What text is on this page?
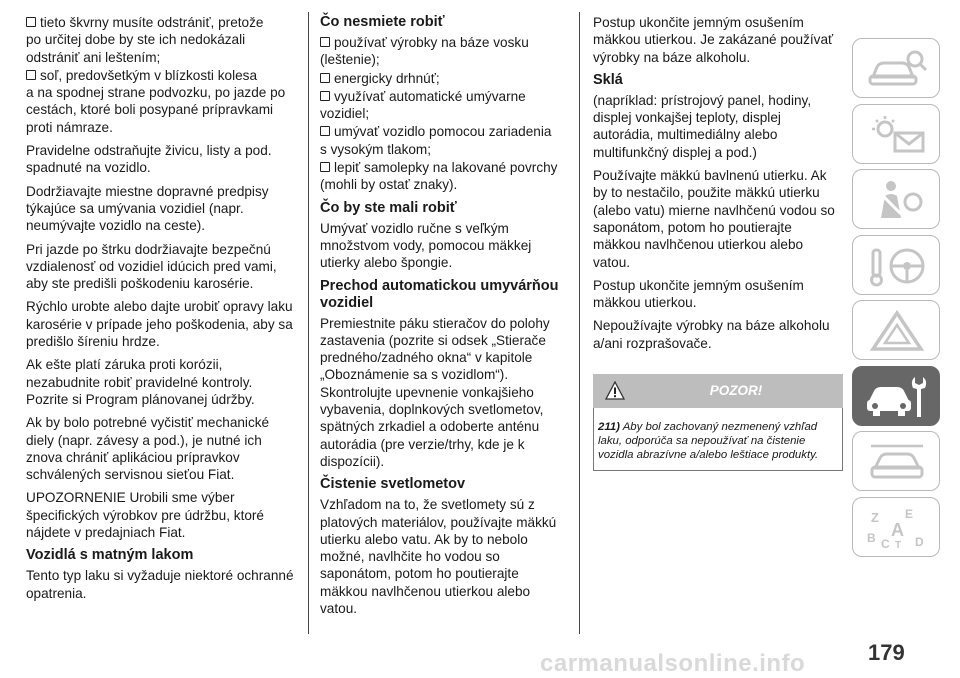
tieto škvrny musíte odstrániť, pretože

po určitej dobe by ste ich nedokázali odstrániť ani leštením;

soľ, predovšetkým v blízkosti kolesa

a na spodnej strane podvozku, po jazde po cestách, ktoré boli posypané prípravkami proti námraze.

Pravidelne odstraňujte živicu, listy a pod. spadnuté na vozidlo.

Dodržiavajte miestne dopravné predpisy týkajúce sa umývania vozidiel (napr. neumývajte vozidlo na ceste).

Pri jazde po štrku dodržiavajte bezpečnú vzdialenosť od vozidiel idúcich pred vami, aby ste predišli poškodeniu karosérie.

Rýchlo urobte alebo dajte urobiť opravy laku karosérie v prípade jeho poškodenia, aby sa predišlo šíreniu hrdze.

Ak ešte platí záruka proti korózii, nezabudnite robiť pravidelné kontroly. Pozrite si Program plánovanej údržby.

Ak by bolo potrebné vyčistiť mechanické diely (napr. závesy a pod.), je nutné ich znova chrániť aplikáciou prípravkov schválených servisnou sieťou Fiat.

UPOZORNENIE Urobili sme výber špecifických výrobkov pre údržbu, ktoré nájdete v predajniach Fiat.

Vozidlá s matným lakom

Tento typ laku si vyžaduje niektoré ochranné opatrenia.

Čo nesmiete robiť

používať výrobky na báze vosku

(leštenie);

energicky drhnúť;

využívať automatické umývarne

vozidiel;

umývať vozidlo pomocou zariadenia

s vysokým tlakom;

lepiť samolepky na lakované povrchy

(mohli by ostať znaky).

Čo by ste mali robiť

Umývať vozidlo ručne s veľkým množstvom vody, pomocou mäkkej utierky alebo špongie.

Prechod automatickou umyvárňou vozidiel

Premiestnite páku stieračov do polohy zastavenia (pozrite si odsek „Stierače predného/zadného okna“ v kapitole „Oboznámenie sa s vozidlom“). Skontrolujte upevnenie vonkajšieho vybavenia, doplnkových svetlometov, spätných zrkadiel a odoberte anténu autorádia (pre verzie/trhy, kde je k dispozícii).

Čistenie svetlometov

Vzhľadom na to, že svetlomety sú z platových materiálov, používajte mäkkú utierku alebo vatu. Ak by to nebolo možné, navlhčite ho vodou so saponátom, potom ho poutierajte mäkkou navlhčenou utierkou alebo vatou.

Postup ukončite jemným osušením mäkkou utierkou. Je zakázané používať výrobky na báze alkoholu.

Sklá

(napríklad: prístrojový panel, hodiny, displej vonkajšej teploty, displej autorádia, multimediálny alebo multifunkčný displej a pod.)

Používajte mäkkú bavlnenú utierku. Ak by to nestačilo, použite mäkkú utierku (alebo vatu) mierne navlhčenú vodou so saponátom, potom ho poutierajte mäkkou navlhčenou utierkou alebo vatou.

Postup ukončite jemným osušením mäkkou utierkou.

Nepoužívajte výrobky na báze alkoholu a/ani rozprašovače.

POZOR!
211) Aby bol zachovaný nezmenený vzhľad laku, odporúča sa nepoužívať na čistenie vozidla abrazívne a/alebo leštiace produkty.
Z E
A
B C D
T
carmanualsonline.info	179
